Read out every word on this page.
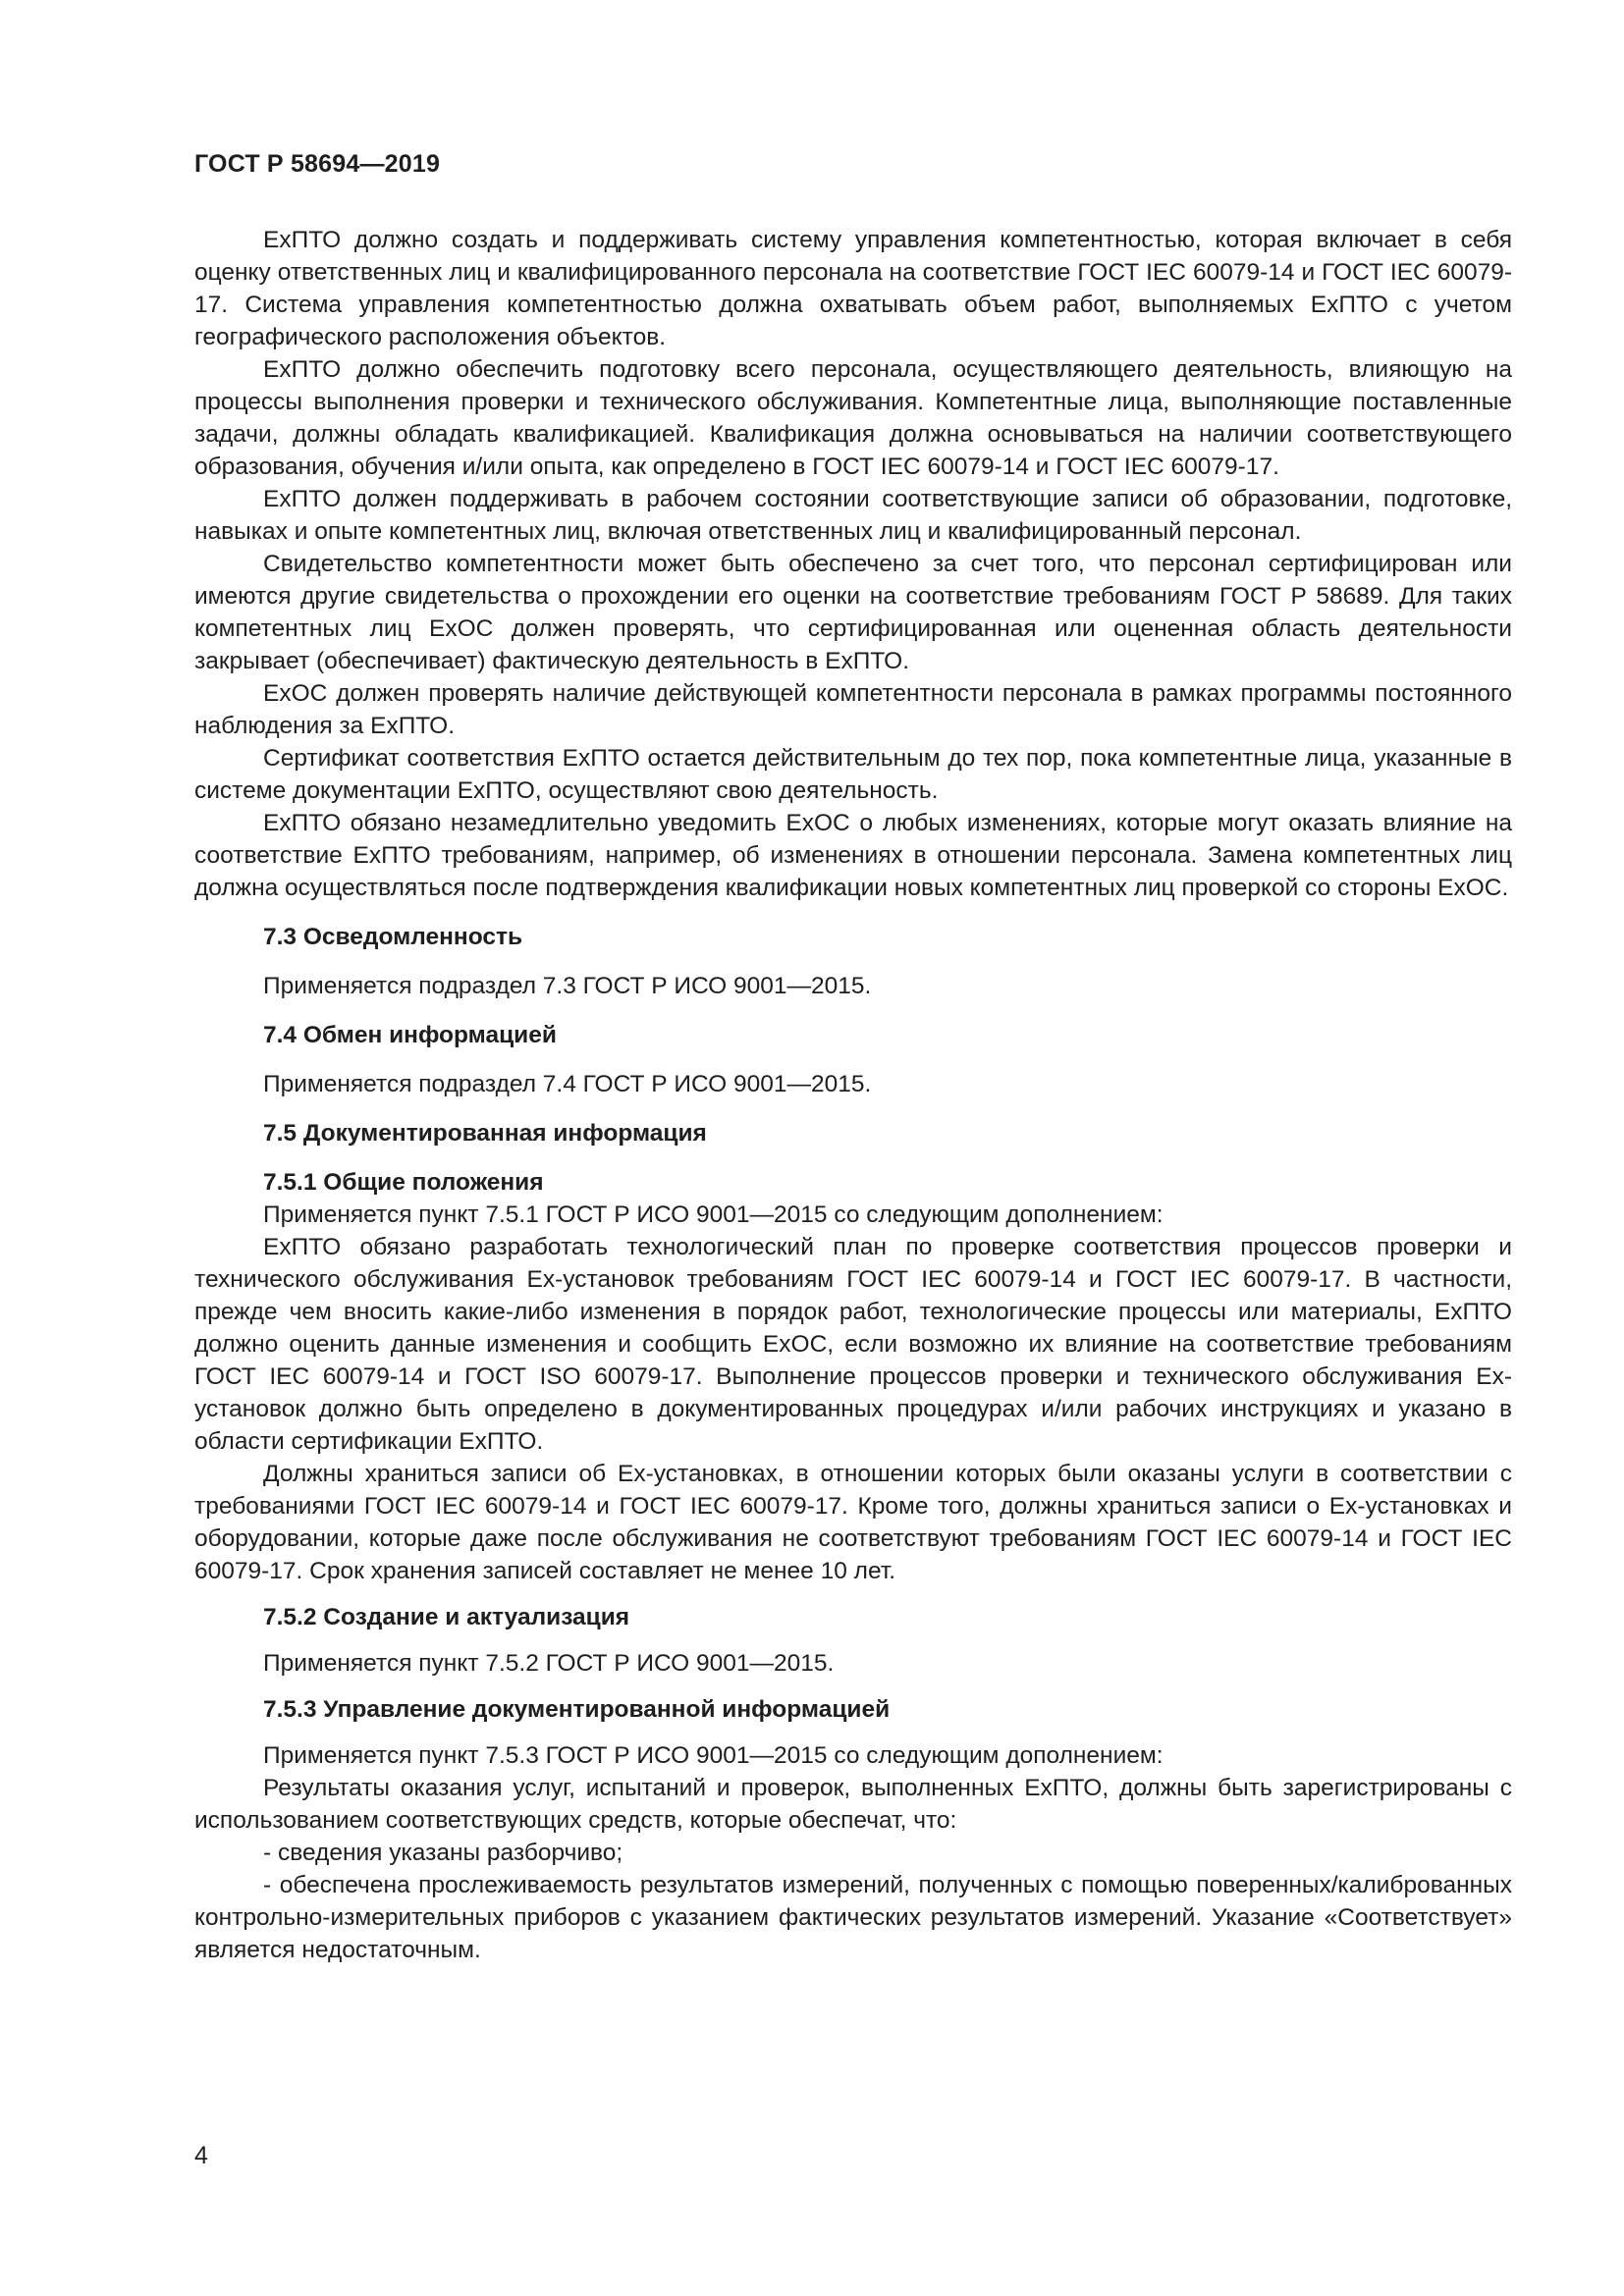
ГОСТ Р 58694—2019

ExПТО должно создать и поддерживать систему управления компетентностью, которая включает в себя оценку ответственных лиц и квалифицированного персонала на соответствие ГОСТ IEC 60079-14 и ГОСТ IEC 60079-17. Система управления компетентностью должна охватывать объем работ, выполняемых ExПТО с учетом географического расположения объектов.

ExПТО должно обеспечить подготовку всего персонала, осуществляющего деятельность, влияющую на процессы выполнения проверки и технического обслуживания. Компетентные лица, выполняющие поставленные задачи, должны обладать квалификацией. Квалификация должна основываться на наличии соответствующего образования, обучения и/или опыта, как определено в ГОСТ IEC 60079-14 и ГОСТ IEC 60079-17.

ExПТО должен поддерживать в рабочем состоянии соответствующие записи об образовании, подготовке, навыках и опыте компетентных лиц, включая ответственных лиц и квалифицированный персонал.

Свидетельство компетентности может быть обеспечено за счет того, что персонал сертифицирован или имеются другие свидетельства о прохождении его оценки на соответствие требованиям ГОСТ Р 58689. Для таких компетентных лиц ExОС должен проверять, что сертифицированная или оцененная область деятельности закрывает (обеспечивает) фактическую деятельность в ExПТО.

ExОС должен проверять наличие действующей компетентности персонала в рамках программы постоянного наблюдения за ExПТО.

Сертификат соответствия ExПТО остается действительным до тех пор, пока компетентные лица, указанные в системе документации ExПТО, осуществляют свою деятельность.

ExПТО обязано незамедлительно уведомить ExОС о любых изменениях, которые могут оказать влияние на соответствие ExПТО требованиям, например, об изменениях в отношении персонала. Замена компетентных лиц должна осуществляться после подтверждения квалификации новых компетентных лиц проверкой со стороны ExОС.

7.3 Осведомленность

Применяется подраздел 7.3 ГОСТ Р ИСО 9001—2015.

7.4 Обмен информацией

Применяется подраздел 7.4 ГОСТ Р ИСО 9001—2015.

7.5 Документированная информация
7.5.1 Общие положения

Применяется пункт 7.5.1 ГОСТ Р ИСО 9001—2015 со следующим дополнением:

ExПТО обязано разработать технологический план по проверке соответствия процессов проверки и технического обслуживания Ex-установок требованиям ГОСТ IEC 60079-14 и ГОСТ IEC 60079-17. В частности, прежде чем вносить какие-либо изменения в порядок работ, технологические процессы или материалы, ExПТО должно оценить данные изменения и сообщить ExОС, если возможно их влияние на соответствие требованиям ГОСТ IEC 60079-14 и ГОСТ ISO 60079-17. Выполнение процессов проверки и технического обслуживания Ex-установок должно быть определено в документированных процедурах и/или рабочих инструкциях и указано в области сертификации ExПТО.

Должны храниться записи об Ex-установках, в отношении которых были оказаны услуги в соответствии с требованиями ГОСТ IEC 60079-14 и ГОСТ IEC 60079-17. Кроме того, должны храниться записи о Ex-установках и оборудовании, которые даже после обслуживания не соответствуют требованиям ГОСТ IEC 60079-14 и ГОСТ IEC 60079-17. Срок хранения записей составляет не менее 10 лет.

7.5.2 Создание и актуализация

Применяется пункт 7.5.2 ГОСТ Р ИСО 9001—2015.

7.5.3 Управление документированной информацией

Применяется пункт 7.5.3 ГОСТ Р ИСО 9001—2015 со следующим дополнением:

Результаты оказания услуг, испытаний и проверок, выполненных ExПТО, должны быть зарегистрированы с использованием соответствующих средств, которые обеспечат, что:

- сведения указаны разборчиво;

- обеспечена прослеживаемость результатов измерений, полученных с помощью поверенных/калиброванных контрольно-измерительных приборов с указанием фактических результатов измерений. Указание «Соответствует» является недостаточным.

4
